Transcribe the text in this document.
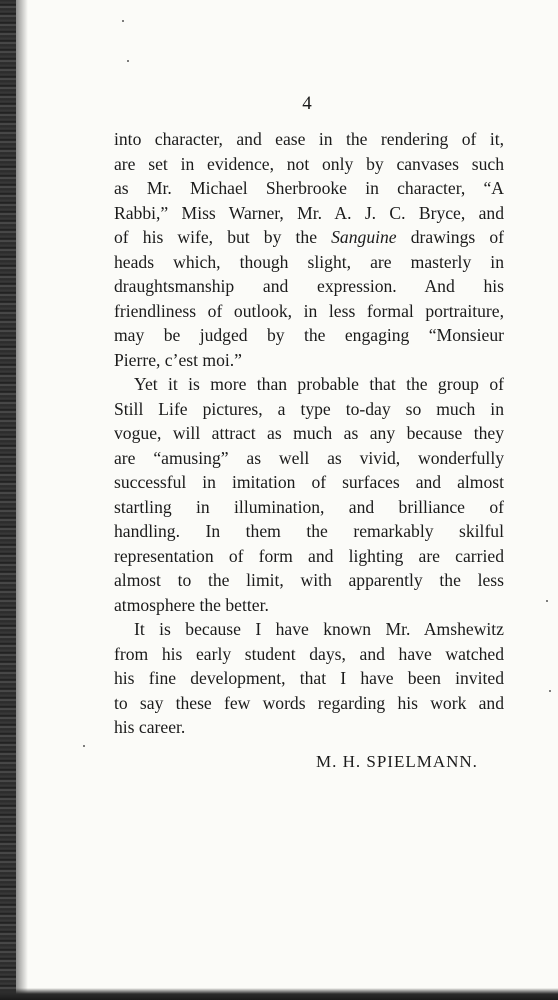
4
into character, and ease in the rendering of it,
are set in evidence, not only by canvases such
as Mr. Michael Sherbrooke in character, “A
Rabbi,” Miss Warner, Mr. A. J. C. Bryce, and
of his wife, but by the Sanguine drawings of
heads which, though slight, are masterly in
draughtsmanship and expression. And his
friendliness of outlook, in less formal portraiture,
may be judged by the engaging “Monsieur
Pierre, c’est moi.”
Yet it is more than probable that the group of
Still Life pictures, a type to-day so much in
vogue, will attract as much as any because they
are “amusing” as well as vivid, wonderfully
successful in imitation of surfaces and almost
startling in illumination, and brilliance of
handling. In them the remarkably skilful
representation of form and lighting are carried
almost to the limit, with apparently the less
atmosphere the better.
It is because I have known Mr. Amshewitz
from his early student days, and have watched
his fine development, that I have been invited
to say these few words regarding his work and
his career.
M. H. SPIELMANN.
